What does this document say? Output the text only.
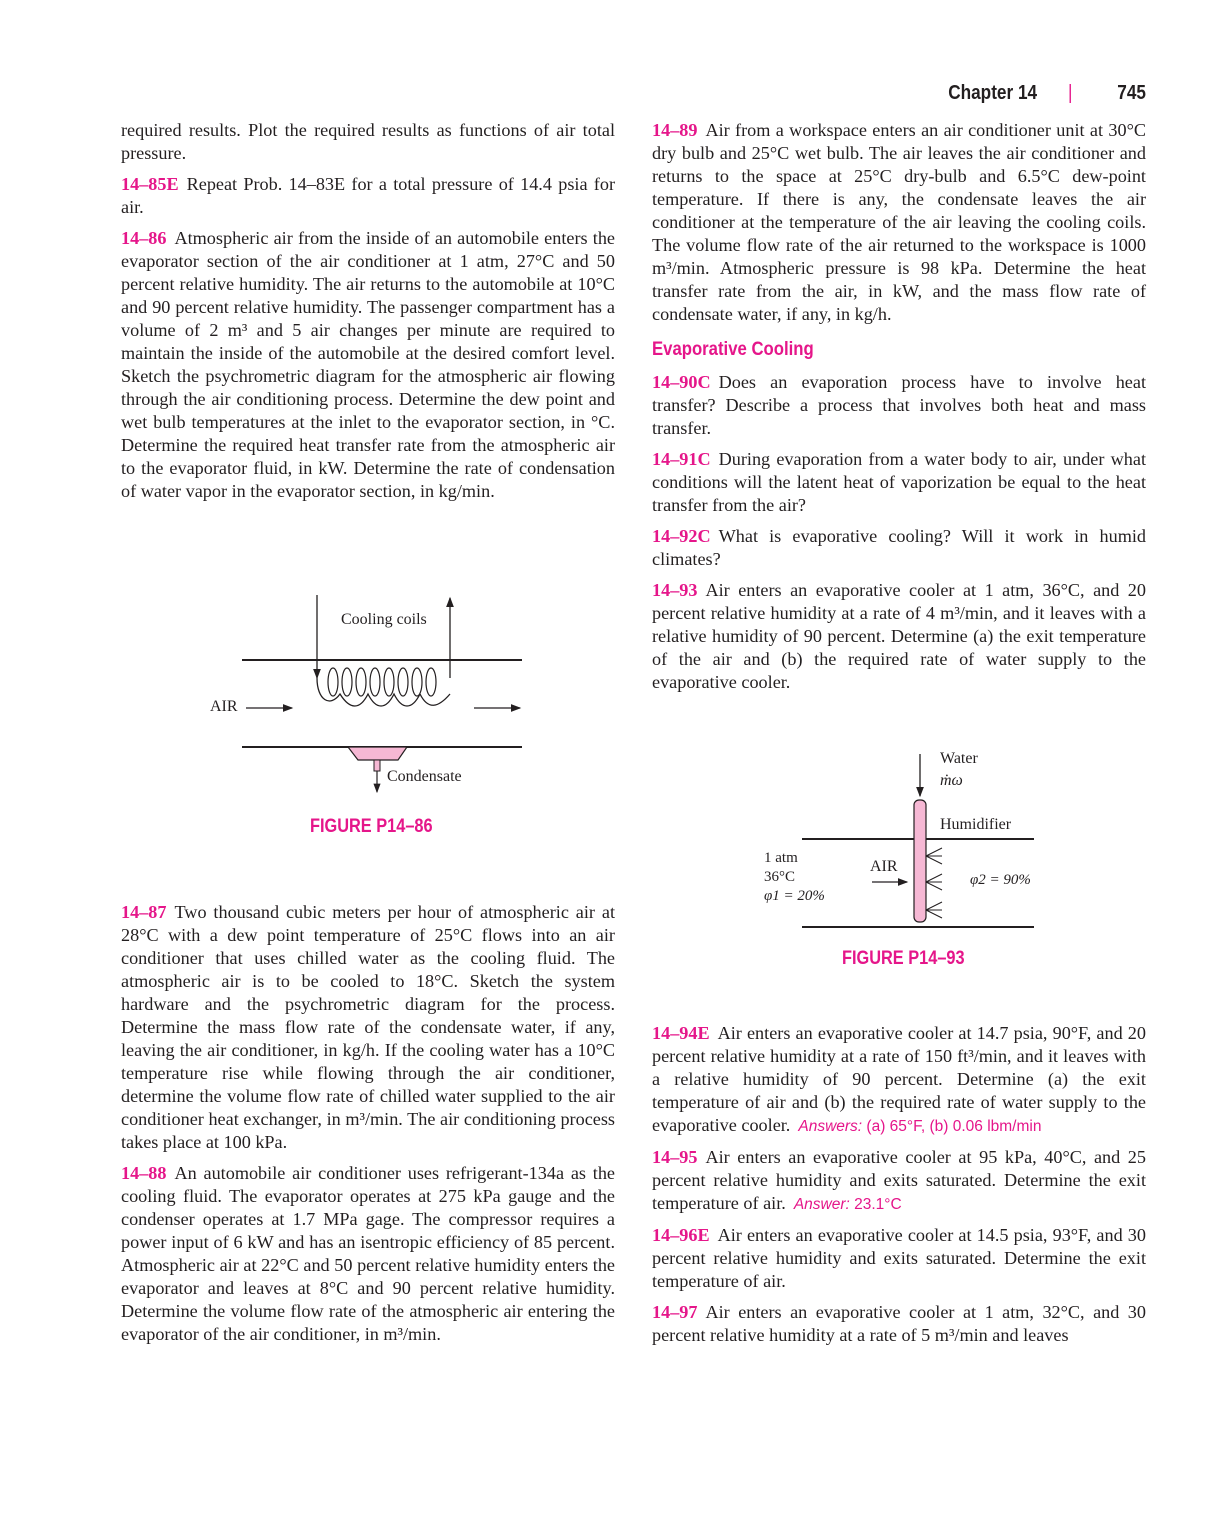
Chapter 14 | 745

required results. Plot the required results as functions of air total pressure.

14–85E Repeat Prob. 14–83E for a total pressure of 14.4 psia for air.

14–86 Atmospheric air from the inside of an automobile enters the evaporator section of the air conditioner at 1 atm, 27°C and 50 percent relative humidity. The air returns to the automobile at 10°C and 90 percent relative humidity. The passenger compartment has a volume of 2 m³ and 5 air changes per minute are required to maintain the inside of the automobile at the desired comfort level. Sketch the psychrometric diagram for the atmospheric air flowing through the air conditioning process. Determine the dew point and wet bulb temperatures at the inlet to the evaporator section, in °C. Determine the required heat transfer rate from the atmospheric air to the evaporator fluid, in kW. Determine the rate of condensation of water vapor in the evaporator section, in kg/min.

Cooling coils
AIR
Condensate
FIGURE P14–86

14–87 Two thousand cubic meters per hour of atmospheric air at 28°C with a dew point temperature of 25°C flows into an air conditioner that uses chilled water as the cooling fluid. The atmospheric air is to be cooled to 18°C. Sketch the system hardware and the psychrometric diagram for the process. Determine the mass flow rate of the condensate water, if any, leaving the air conditioner, in kg/h. If the cooling water has a 10°C temperature rise while flowing through the air conditioner, determine the volume flow rate of chilled water supplied to the air conditioner heat exchanger, in m³/min. The air conditioning process takes place at 100 kPa.

14–88 An automobile air conditioner uses refrigerant-134a as the cooling fluid. The evaporator operates at 275 kPa gauge and the condenser operates at 1.7 MPa gage. The compressor requires a power input of 6 kW and has an isentropic efficiency of 85 percent. Atmospheric air at 22°C and 50 percent relative humidity enters the evaporator and leaves at 8°C and 90 percent relative humidity. Determine the volume flow rate of the atmospheric air entering the evaporator of the air conditioner, in m³/min.

14–89 Air from a workspace enters an air conditioner unit at 30°C dry bulb and 25°C wet bulb. The air leaves the air conditioner and returns to the space at 25°C dry-bulb and 6.5°C dew-point temperature. If there is any, the condensate leaves the air conditioner at the temperature of the air leaving the cooling coils. The volume flow rate of the air returned to the workspace is 1000 m³/min. Atmospheric pressure is 98 kPa. Determine the heat transfer rate from the air, in kW, and the mass flow rate of condensate water, if any, in kg/h.

Evaporative Cooling

14–90C Does an evaporation process have to involve heat transfer? Describe a process that involves both heat and mass transfer.

14–91C During evaporation from a water body to air, under what conditions will the latent heat of vaporization be equal to the heat transfer from the air?

14–92C What is evaporative cooling? Will it work in humid climates?

14–93 Air enters an evaporative cooler at 1 atm, 36°C, and 20 percent relative humidity at a rate of 4 m³/min, and it leaves with a relative humidity of 90 percent. Determine (a) the exit temperature of the air and (b) the required rate of water supply to the evaporative cooler.

Water
ṁω
Humidifier
AIR
1 atm
36°C
φ1 = 20%
φ2 = 90%
FIGURE P14–93

14–94E Air enters an evaporative cooler at 14.7 psia, 90°F, and 20 percent relative humidity at a rate of 150 ft³/min, and it leaves with a relative humidity of 90 percent. Determine (a) the exit temperature of air and (b) the required rate of water supply to the evaporative cooler. Answers: (a) 65°F, (b) 0.06 lbm/min

14–95 Air enters an evaporative cooler at 95 kPa, 40°C, and 25 percent relative humidity and exits saturated. Determine the exit temperature of air. Answer: 23.1°C

14–96E Air enters an evaporative cooler at 14.5 psia, 93°F, and 30 percent relative humidity and exits saturated. Determine the exit temperature of air.

14–97 Air enters an evaporative cooler at 1 atm, 32°C, and 30 percent relative humidity at a rate of 5 m³/min and leaves
